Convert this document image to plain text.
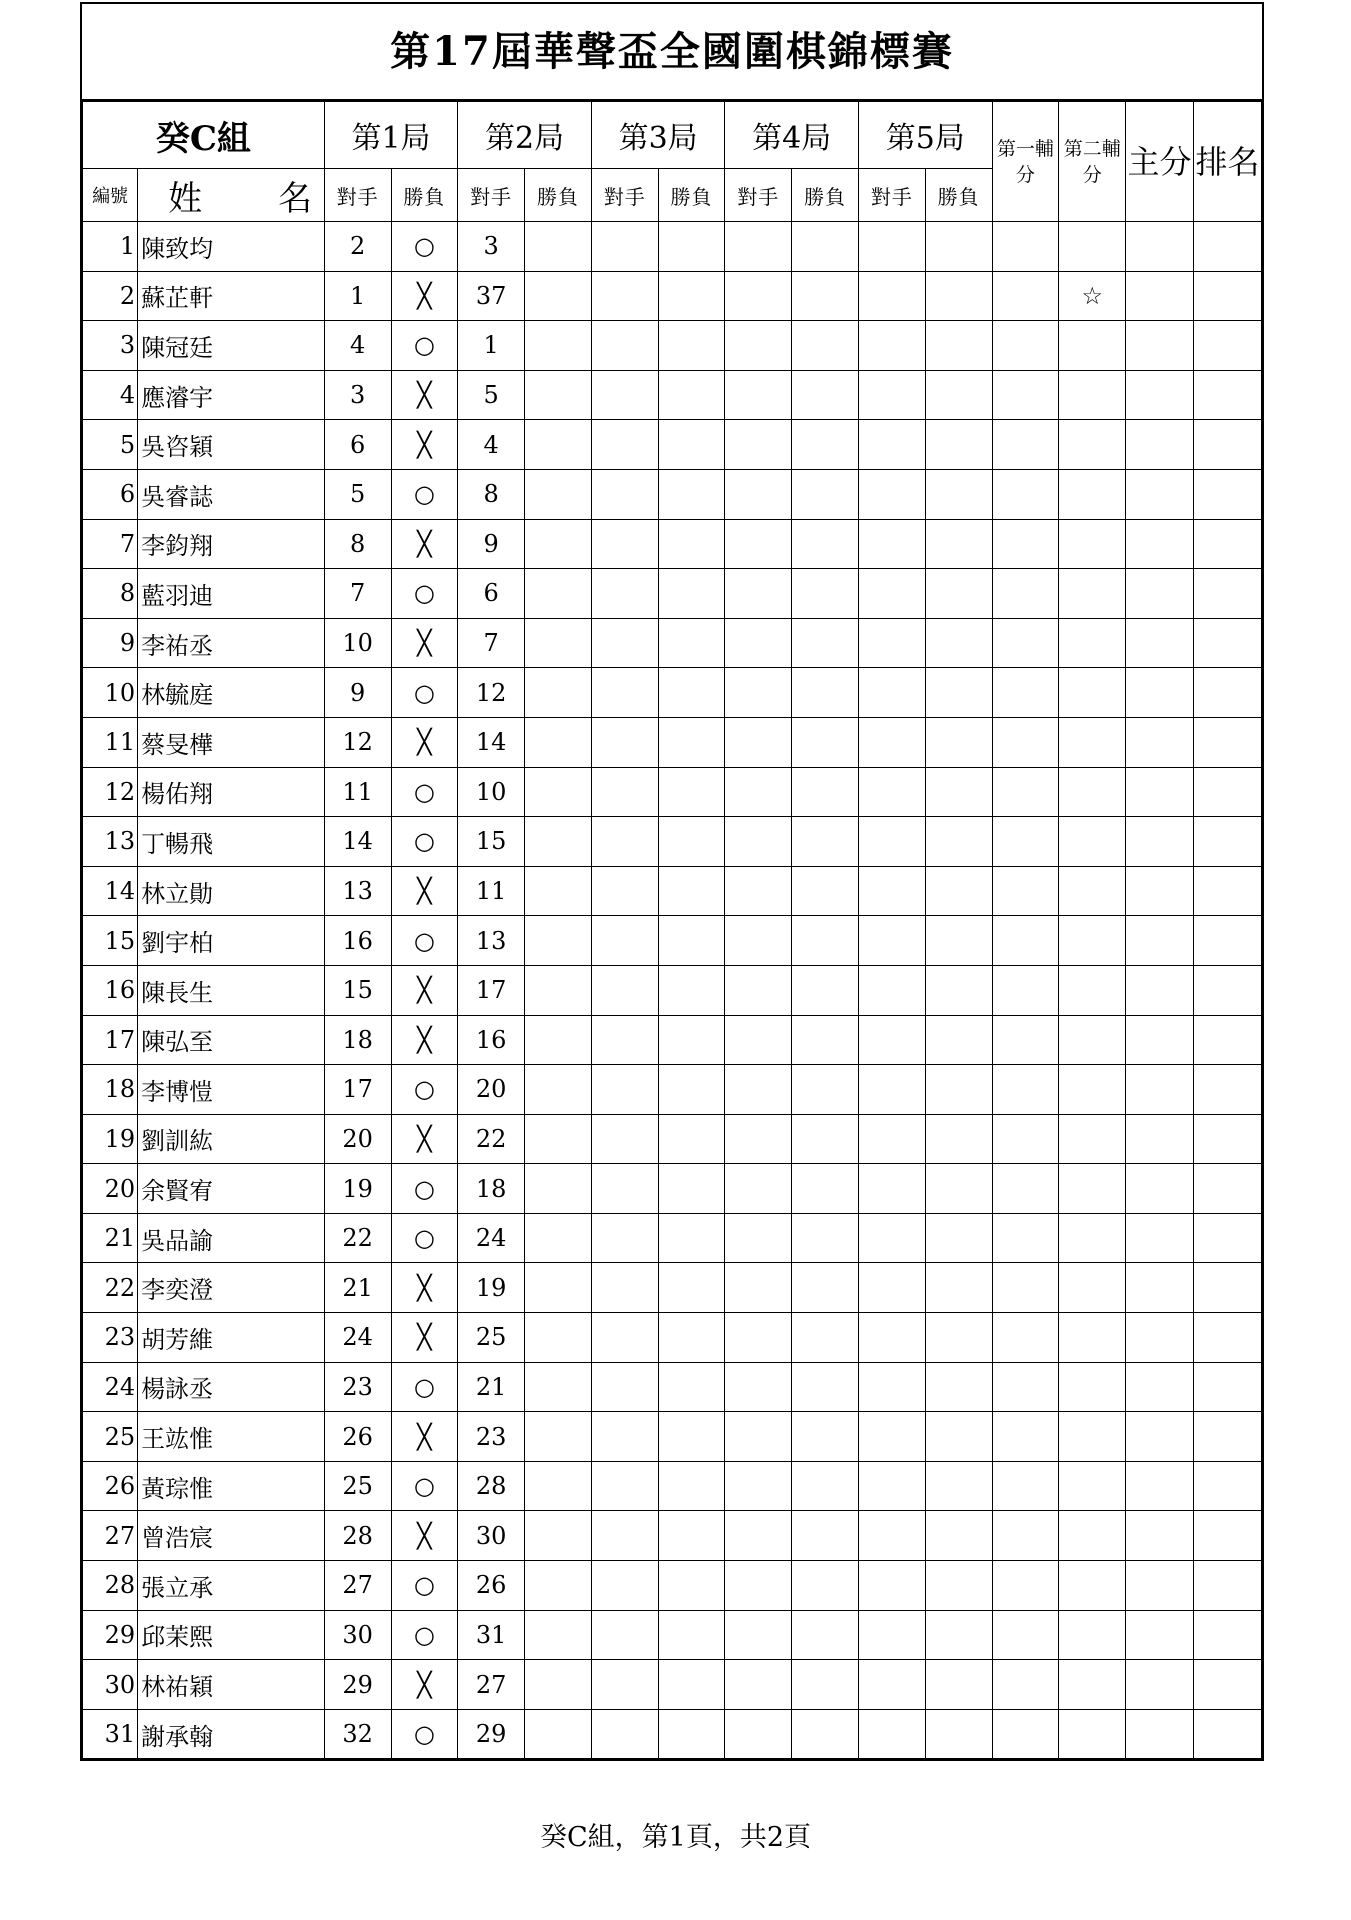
第17屆華聲盃全國圍棋錦標賽
癸C組		第1局		第2局		第3局		第4局		第5局		第一輔分	第二輔分	主分	排名
編號	姓 名	對手	勝負	對手	勝負	對手	勝負	對手	勝負	對手	勝負				
1	陳致均	2	○	3											
2	蘇芷軒	1	╳	37									☆		
3	陳冠廷	4	○	1											
4	應濬宇	3	╳	5											
5	吳咨穎	6	╳	4											
6	吳睿誌	5	○	8											
7	李鈞翔	8	╳	9											
8	藍羽迪	7	○	6											
9	李祐丞	10	╳	7											
10	林毓庭	9	○	12											
11	蔡旻樺	12	╳	14											
12	楊佑翔	11	○	10											
13	丁暢飛	14	○	15											
14	林立勛	13	╳	11											
15	劉宇柏	16	○	13											
16	陳長生	15	╳	17											
17	陳弘至	18	╳	16											
18	李博愷	17	○	20											
19	劉訓紘	20	╳	22											
20	余賢宥	19	○	18											
21	吳品諭	22	○	24											
22	李奕澄	21	╳	19											
23	胡芳維	24	╳	25											
24	楊詠丞	23	○	21											
25	王竑惟	26	╳	23											
26	黃琮惟	25	○	28											
27	曾浩宸	28	╳	30											
28	張立承	27	○	26											
29	邱茉熙	30	○	31											
30	林祐穎	29	╳	27											
31	謝承翰	32	○	29											
癸C組，第1頁，共2頁
